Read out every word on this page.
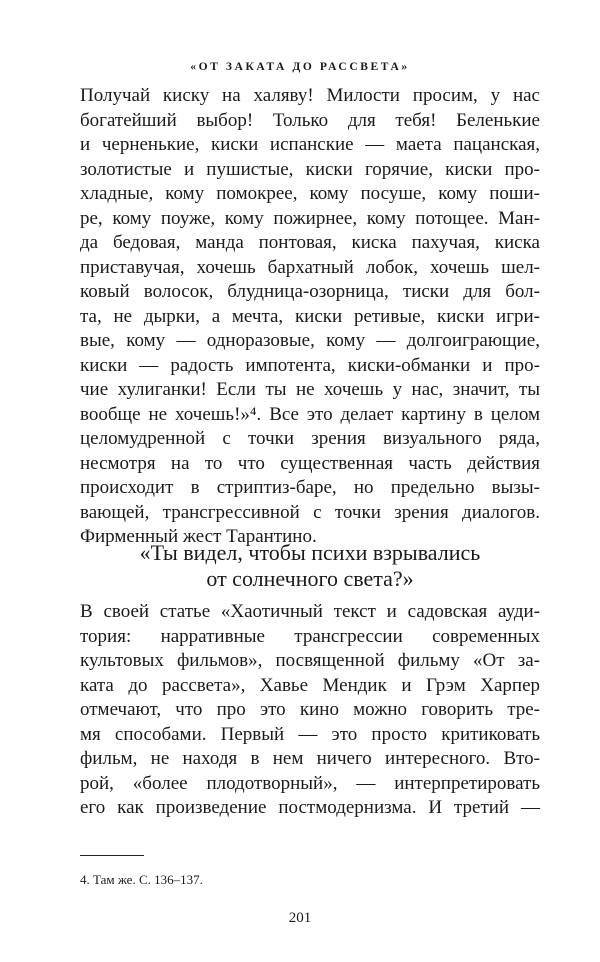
«ОТ ЗАКАТА ДО РАССВЕТА»
Получай киску на халяву! Милости просим, у нас
богатейший выбор! Только для тебя! Беленькие
и черненькие, киски испанские — маета пацанская,
золотистые и пушистые, киски горячие, киски про-
хладные, кому помокрее, кому посуше, кому поши-
ре, кому поуже, кому пожирнее, кому потощее. Ман-
да бедовая, манда понтовая, киска пахучая, киска
приставучая, хочешь бархатный лобок, хочешь шел-
ковый волосок, блудница-озорница, тиски для бол-
та, не дырки, а мечта, киски ретивые, киски игри-
вые, кому — одноразовые, кому — долгоиграющие,
киски — радость импотента, киски-обманки и про-
чие хулиганки! Если ты не хочешь у нас, значит, ты
вообще не хочешь!»⁴. Все это делает картину в целом
целомудренной с точки зрения визуального ряда,
несмотря на то что существенная часть действия
происходит в стриптиз-баре, но предельно вызы-
вающей, трансгрессивной с точки зрения диалогов.
Фирменный жест Тарантино.
«Ты видел, чтобы психи взрывались
от солнечного света?»
В своей статье «Хаотичный текст и садовская ауди-
тория: нарративные трансгрессии современных
культовых фильмов», посвященной фильму «От за-
ката до рассвета», Хавье Мендик и Грэм Харпер
отмечают, что про это кино можно говорить тре-
мя способами. Первый — это просто критиковать
фильм, не находя в нем ничего интересного. Вто-
рой, «более плодотворный», — интерпретировать
его как произведение постмодернизма. И третий —
4. Там же. С. 136–137.
201
